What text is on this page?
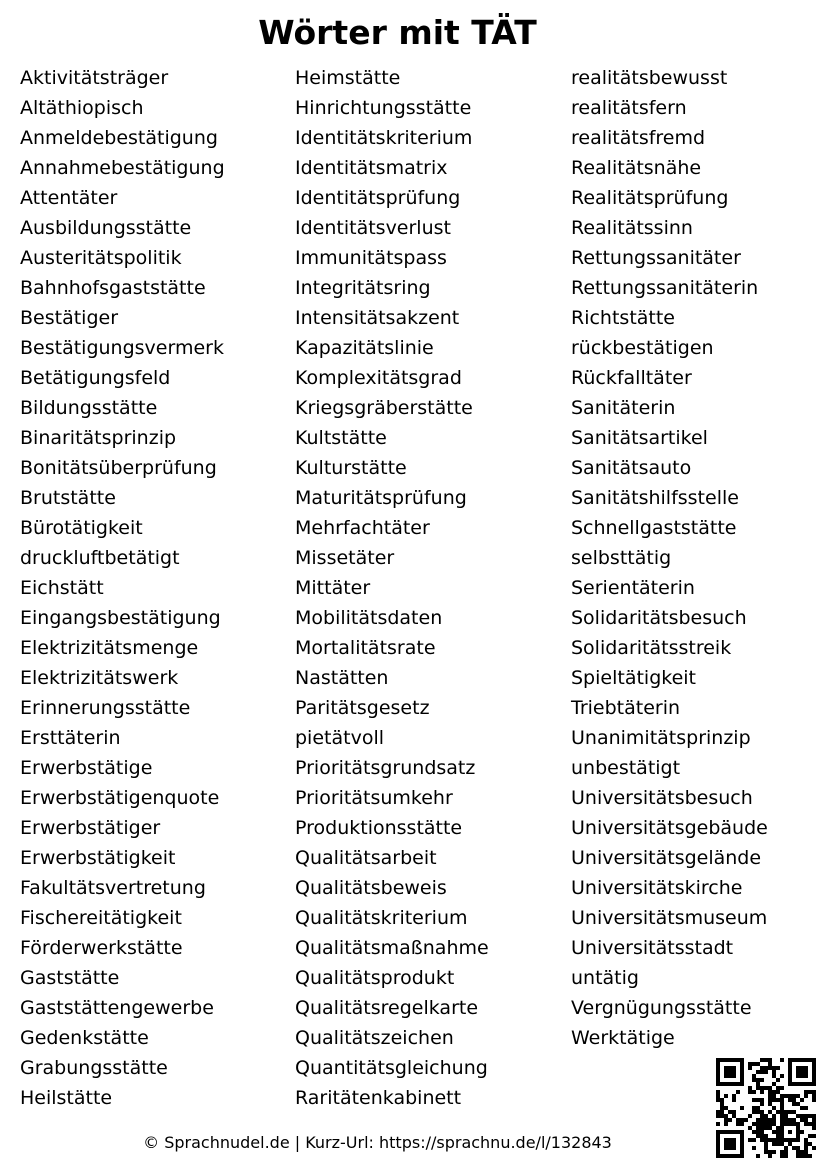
Wörter mit TÄT
Aktivitätsträger
Altäthiopisch
Anmeldebestätigung
Annahmebestätigung
Attentäter
Ausbildungsstätte
Austeritätspolitik
Bahnhofsgaststätte
Bestätiger
Bestätigungsvermerk
Betätigungsfeld
Bildungsstätte
Binaritätsprinzip
Bonitätsüberprüfung
Brutstätte
Bürotätigkeit
druckluftbetätigt
Eichstätt
Eingangsbestätigung
Elektrizitätsmenge
Elektrizitätswerk
Erinnerungsstätte
Ersttäterin
Erwerbstätige
Erwerbstätigenquote
Erwerbstätiger
Erwerbstätigkeit
Fakultätsvertretung
Fischereitätigkeit
Förderwerkstätte
Gaststätte
Gaststättengewerbe
Gedenkstätte
Grabungsstätte
Heilstätte
Heimstätte
Hinrichtungsstätte
Identitätskriterium
Identitätsmatrix
Identitätsprüfung
Identitätsverlust
Immunitätspass
Integritätsring
Intensitätsakzent
Kapazitätslinie
Komplexitätsgrad
Kriegsgräberstätte
Kultstätte
Kulturstätte
Maturitätsprüfung
Mehrfachtäter
Missetäter
Mittäter
Mobilitätsdaten
Mortalitätsrate
Nastätten
Paritätsgesetz
pietätvoll
Prioritätsgrundsatz
Prioritätsumkehr
Produktionsstätte
Qualitätsarbeit
Qualitätsbeweis
Qualitätskriterium
Qualitätsmaßnahme
Qualitätsprodukt
Qualitätsregelkarte
Qualitätszeichen
Quantitätsgleichung
Raritätenkabinett
realitätsbewusst
realitätsfern
realitätsfremd
Realitätsnähe
Realitätsprüfung
Realitätssinn
Rettungssanitäter
Rettungssanitäterin
Richtstätte
rückbestätigen
Rückfalltäter
Sanitäterin
Sanitätsartikel
Sanitätsauto
Sanitätshilfsstelle
Schnellgaststätte
selbsttätig
Serientäterin
Solidaritätsbesuch
Solidaritätsstreik
Spieltätigkeit
Triebtäterin
Unanimitätsprinzip
unbestätigt
Universitätsbesuch
Universitätsgebäude
Universitätsgelände
Universitätskirche
Universitätsmuseum
Universitätsstadt
untätig
Vergnügungsstätte
Werktätige
© Sprachnudel.de | Kurz-Url: https://sprachnu.de/l/132843
